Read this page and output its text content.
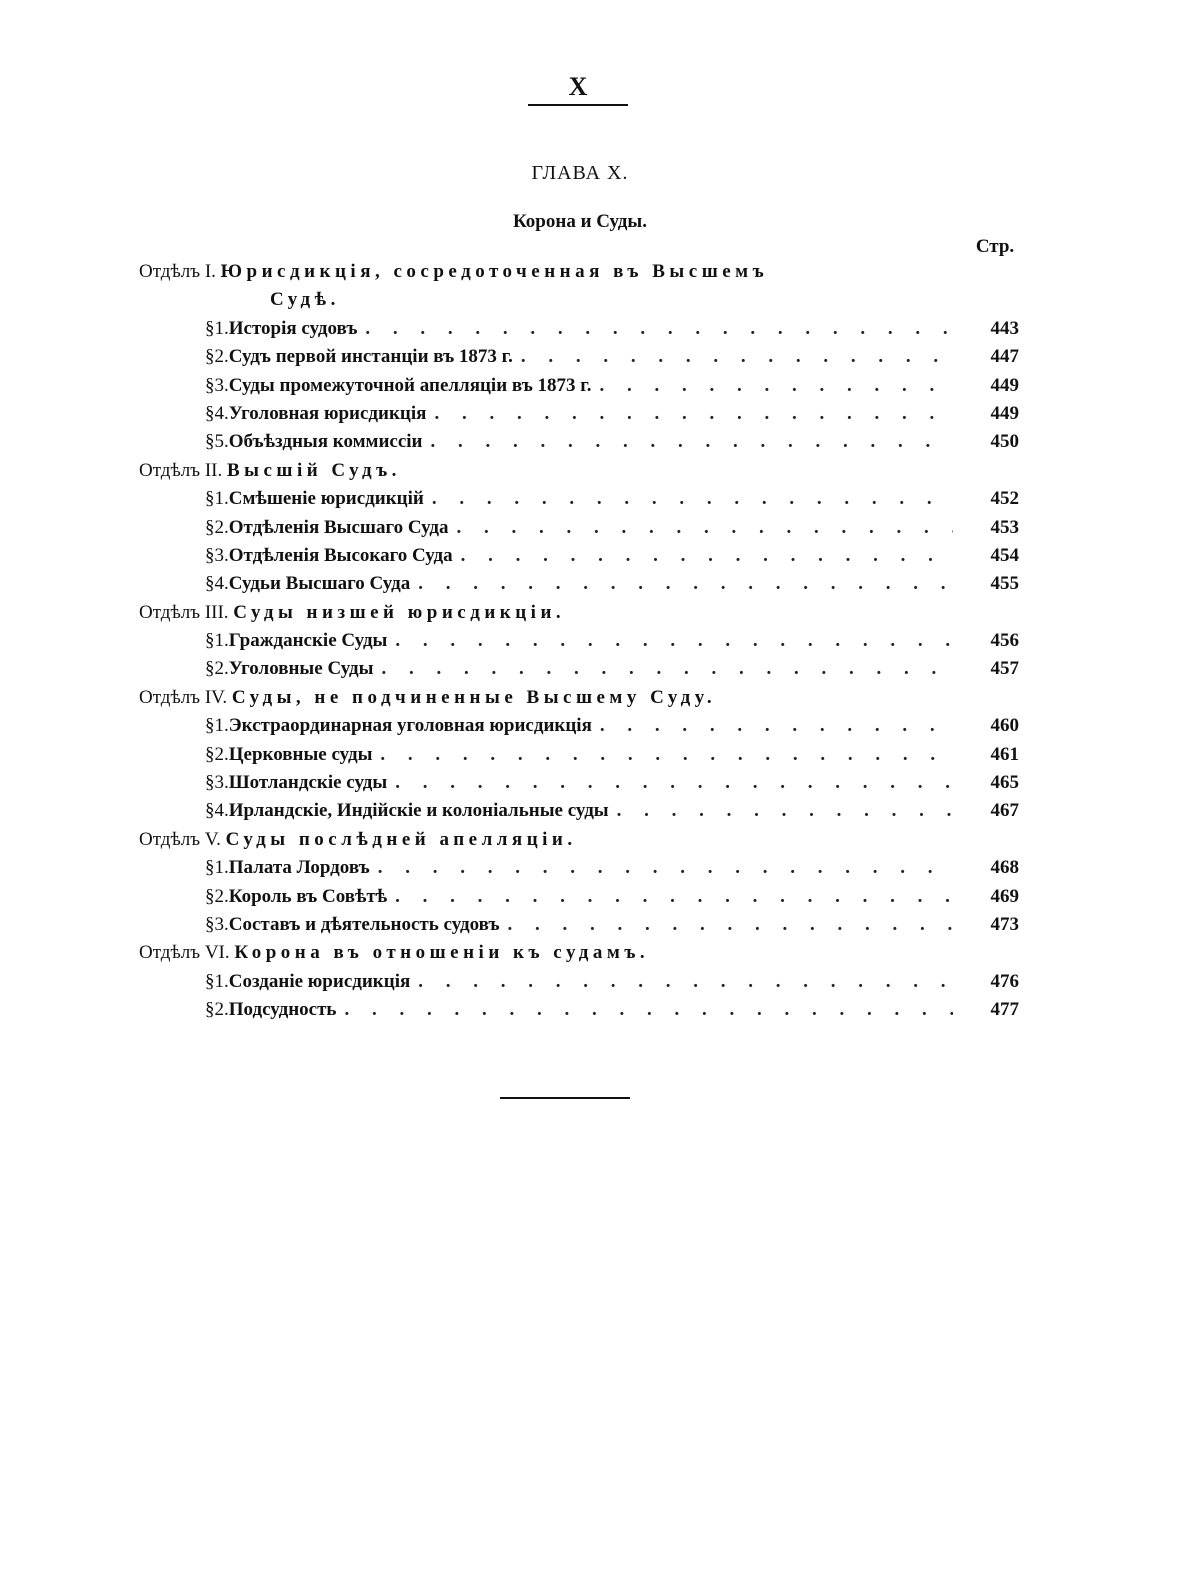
X
ГЛАВА X.
Корона и Суды.
Стр.
Отдѣлъ I. Юрисдикція, сосредоточенная въ Высшемъ
Судѣ.
§ 1. Исторія судовъ . . .	443
§ 2. Судъ первой инстанціи въ 1873 г. . . .	447
§ 3. Суды промежуточной апелляціи въ 1873 г. . . .	449
§ 4. Уголовная юрисдикція . . .	449
§ 5. Объѣздныя коммиссіи . . .	450
Отдѣлъ II. Высшій Судъ.
§ 1. Смѣшеніе юрисдикцій . . .	452
§ 2. Отдѣленія Высшаго Суда . . .	453
§ 3. Отдѣленія Высокаго Суда . . .	454
§ 4. Судьи Высшаго Суда . . .	455
Отдѣлъ III. Суды низшей юрисдикціи.
§ 1. Гражданскіе Суды . . .	456
§ 2. Уголовные Суды . . .	457
Отдѣлъ IV. Суды, не подчиненные Высшему Суду.
§ 1. Экстраординарная уголовная юрисдикція . . .	460
§ 2. Церковные суды . . .	461
§ 3. Шотландскіе суды . . .	465
§ 4. Ирландскіе, Индійскіе и колоніальные суды . . .	467
Отдѣлъ V. Суды послѣдней апелляціи.
§ 1. Палата Лордовъ . . .	468
§ 2. Король въ Совѣтѣ . . .	469
§ 3. Составъ и дѣятельность судовъ . . .	473
Отдѣлъ VI. Корона въ отношеніи къ судамъ.
§ 1. Созданіе юрисдикція . . .	476
§ 2. Подсудность . . .	477
